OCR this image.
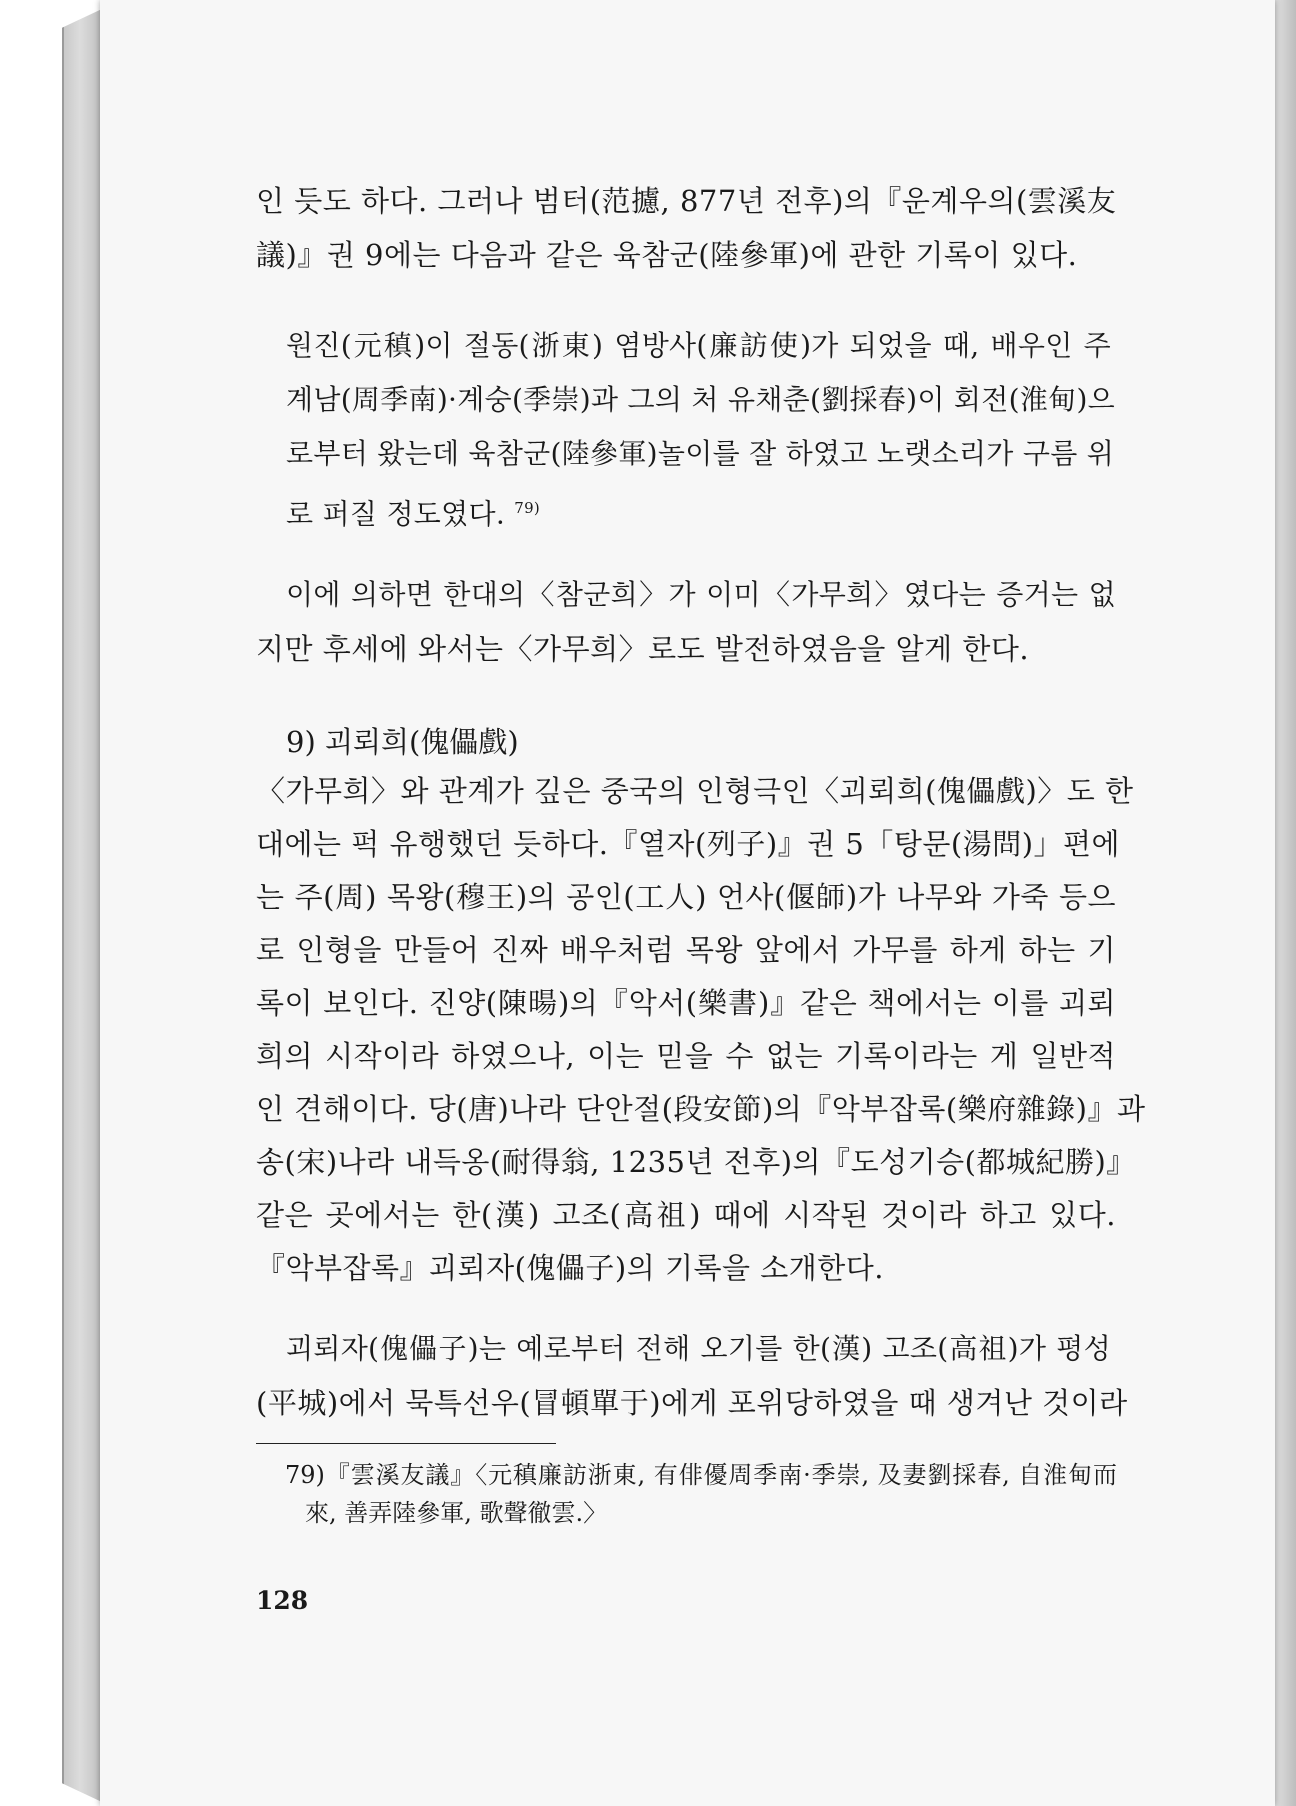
인 듯도 하다. 그러나 범터(范攄, 877년 전후)의『운계우의(雲溪友
議)』권 9에는 다음과 같은 육참군(陸參軍)에 관한 기록이 있다.
원진(元稹)이 절동(浙東) 염방사(廉訪使)가 되었을 때, 배우인 주
계남(周季南)·계숭(季崇)과 그의 처 유채춘(劉採春)이 회전(淮甸)으
로부터 왔는데 육참군(陸參軍)놀이를 잘 하였고 노랫소리가 구름 위
로 퍼질 정도였다. $^{79)}$
이에 의하면 한대의〈참군희〉가 이미〈가무희〉였다는 증거는 없
지만 후세에 와서는〈가무희〉로도 발전하였음을 알게 한다.
9) 괴뢰희(傀儡戲)
〈가무희〉와 관계가 깊은 중국의 인형극인〈괴뢰희(傀儡戲)〉도 한
대에는 퍽 유행했던 듯하다.『열자(列子)』권 5「탕문(湯問)」편에
는 주(周) 목왕(穆王)의 공인(工人) 언사(偃師)가 나무와 가죽 등으
로 인형을 만들어 진짜 배우처럼 목왕 앞에서 가무를 하게 하는 기
록이 보인다. 진양(陳暘)의『악서(樂書)』같은 책에서는 이를 괴뢰
희의 시작이라 하였으나, 이는 믿을 수 없는 기록이라는 게 일반적
인 견해이다. 당(唐)나라 단안절(段安節)의『악부잡록(樂府雜錄)』과
송(宋)나라 내득옹(耐得翁, 1235년 전후)의『도성기승(都城紀勝)』
같은 곳에서는 한(漢) 고조(高祖) 때에 시작된 것이라 하고 있다.
『악부잡록』괴뢰자(傀儡子)의 기록을 소개한다.
괴뢰자(傀儡子)는 예로부터 전해 오기를 한(漢) 고조(高祖)가 평성
(平城)에서 묵특선우(冒頓單于)에게 포위당하였을 때 생겨난 것이라
79)『雲溪友議』〈元稹廉訪浙東, 有俳優周季南·季崇, 及妻劉採春, 自淮甸而
來, 善弄陸參軍, 歌聲徹雲.〉
128
